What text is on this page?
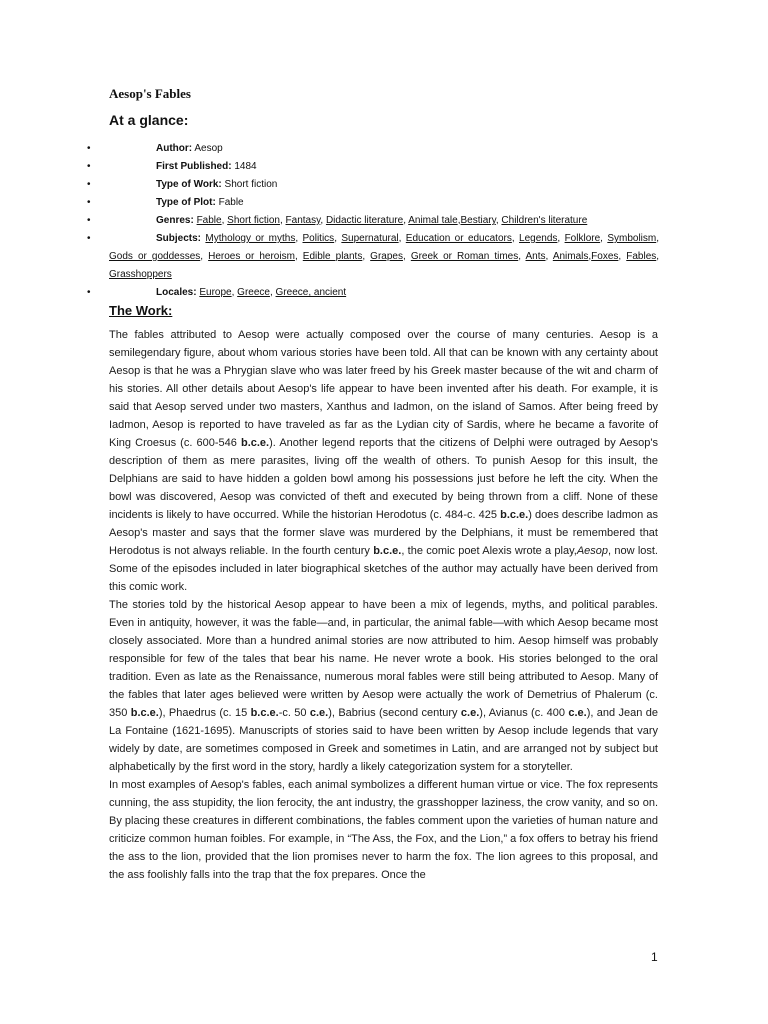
Aesop's Fables
At a glance:
•	Author: Aesop
•	First Published: 1484
•	Type of Work: Short fiction
•	Type of Plot: Fable
•	Genres: Fable, Short fiction, Fantasy, Didactic literature, Animal tale,Bestiary, Children's literature
•	Subjects: Mythology or myths, Politics, Supernatural, Education or educators, Legends, Folklore, Symbolism, Gods or goddesses, Heroes or heroism, Edible plants, Grapes, Greek or Roman times, Ants, Animals,Foxes, Fables, Grasshoppers
•	Locales: Europe, Greece, Greece, ancient
The Work:

The fables attributed to Aesop were actually composed over the course of many centuries. Aesop is a semilegendary figure, about whom various stories have been told. All that can be known with any certainty about Aesop is that he was a Phrygian slave who was later freed by his Greek master because of the wit and charm of his stories. All other details about Aesop's life appear to have been invented after his death. For example, it is said that Aesop served under two masters, Xanthus and Iadmon, on the island of Samos. After being freed by Iadmon, Aesop is reported to have traveled as far as the Lydian city of Sardis, where he became a favorite of King Croesus (c. 600-546 b.c.e.). Another legend reports that the citizens of Delphi were outraged by Aesop's description of them as mere parasites, living off the wealth of others. To punish Aesop for this insult, the Delphians are said to have hidden a golden bowl among his possessions just before he left the city. When the bowl was discovered, Aesop was convicted of theft and executed by being thrown from a cliff. None of these incidents is likely to have occurred. While the historian Herodotus (c. 484-c. 425 b.c.e.) does describe Iadmon as Aesop's master and says that the former slave was murdered by the Delphians, it must be remembered that Herodotus is not always reliable. In the fourth century b.c.e., the comic poet Alexis wrote a play,Aesop, now lost. Some of the episodes included in later biographical sketches of the author may actually have been derived from this comic work.

The stories told by the historical Aesop appear to have been a mix of legends, myths, and political parables. Even in antiquity, however, it was the fable—and, in particular, the animal fable—with which Aesop became most closely associated. More than a hundred animal stories are now attributed to him. Aesop himself was probably responsible for few of the tales that bear his name. He never wrote a book. His stories belonged to the oral tradition. Even as late as the Renaissance, numerous moral fables were still being attributed to Aesop. Many of the fables that later ages believed were written by Aesop were actually the work of Demetrius of Phalerum (c. 350 b.c.e.), Phaedrus (c. 15 b.c.e.-c. 50 c.e.), Babrius (second century c.e.), Avianus (c. 400 c.e.), and Jean de La Fontaine (1621-1695). Manuscripts of stories said to have been written by Aesop include legends that vary widely by date, are sometimes composed in Greek and sometimes in Latin, and are arranged not by subject but alphabetically by the first word in the story, hardly a likely categorization system for a storyteller.

In most examples of Aesop's fables, each animal symbolizes a different human virtue or vice. The fox represents cunning, the ass stupidity, the lion ferocity, the ant industry, the grasshopper laziness, the crow vanity, and so on. By placing these creatures in different combinations, the fables comment upon the varieties of human nature and criticize common human foibles. For example, in “The Ass, the Fox, and the Lion,” a fox offers to betray his friend the ass to the lion, provided that the lion promises never to harm the fox. The lion agrees to this proposal, and the ass foolishly falls into the trap that the fox prepares. Once the

1
